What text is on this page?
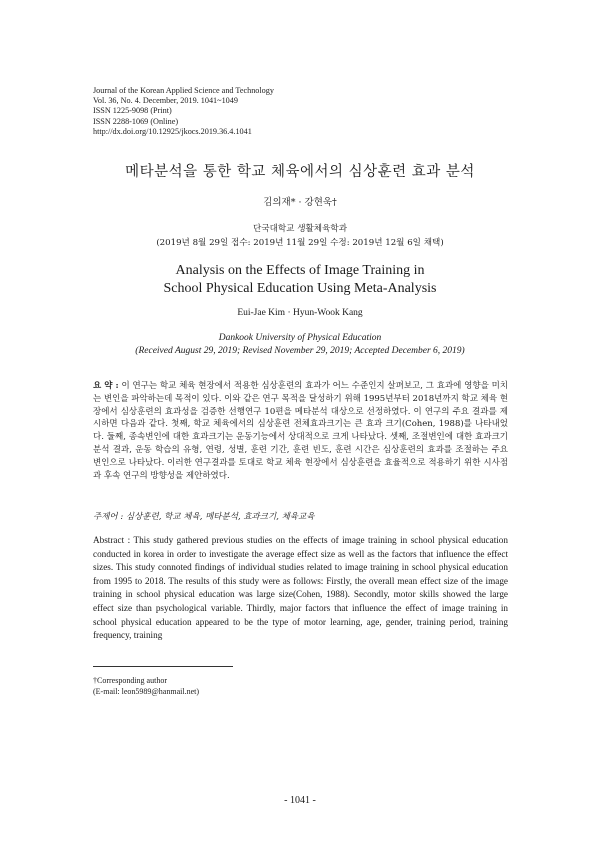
Journal of the Korean Applied Science and Technology
Vol. 36, No. 4. December, 2019. 1041~1049
ISSN 1225-9098 (Print)
ISSN 2288-1069 (Online)
http://dx.doi.org/10.12925/jkocs.2019.36.4.1041
메타분석을 통한 학교 체육에서의 심상훈련 효과 분석
김의재* · 강현욱†
단국대학교 생활체육학과
(2019년 8월 29일 접수: 2019년 11월 29일 수정: 2019년 12월 6일 채택)
Analysis on the Effects of Image Training in
School Physical Education Using Meta-Analysis
Eui-Jae Kim · Hyun-Wook Kang
Dankook University of Physical Education
(Received August 29, 2019; Revised November 29, 2019; Accepted December 6, 2019)
요 약 : 이 연구는 학교 체육 현장에서 적용한 심상훈련의 효과가 어느 수준인지 살펴보고, 그 효과에 영향을 미치는 변인을 파악하는데 목적이 있다. 이와 같은 연구 목적을 달성하기 위해 1995년부터 2018년까지 학교 체육 현장에서 심상훈련의 효과성을 검증한 선행연구 10편을 메타분석 대상으로 선정하였다. 이 연구의 주요 결과를 제시하면 다음과 같다. 첫째, 학교 체육에서의 심상훈련 전체효과크기는 큰 효과 크기(Cohen, 1988)를 나타내었다. 둘째, 종속변인에 대한 효과크기는 운동기능에서 상대적으로 크게 나타났다. 셋째, 조절변인에 대한 효과크기 분석 결과, 운동 학습의 유형, 연령, 성별, 훈련 기간, 훈련 빈도, 훈련 시간은 심상훈련의 효과를 조절하는 주요 변인으로 나타났다. 이러한 연구결과를 토대로 학교 체육 현장에서 심상훈련을 효율적으로 적용하기 위한 시사점과 후속 연구의 방향성을 제안하였다.
주제어 : 심상훈련, 학교 체육, 메타분석, 효과크기, 체육교육
Abstract : This study gathered previous studies on the effects of image training in school physical education conducted in korea in order to investigate the average effect size as well as the factors that influence the effect sizes. This study connoted findings of individual studies related to image training in school physical education from 1995 to 2018. The results of this study were as follows: Firstly, the overall mean effect size of the image training in school physical education was large size(Cohen, 1988). Secondly, motor skills showed the large effect size than psychological variable. Thirdly, major factors that influence the effect of image training in school physical education appeared to be the type of motor learning, age, gender, training period, training frequency, training
†Corresponding author
(E-mail: leon5989@hanmail.net)
- 1041 -
